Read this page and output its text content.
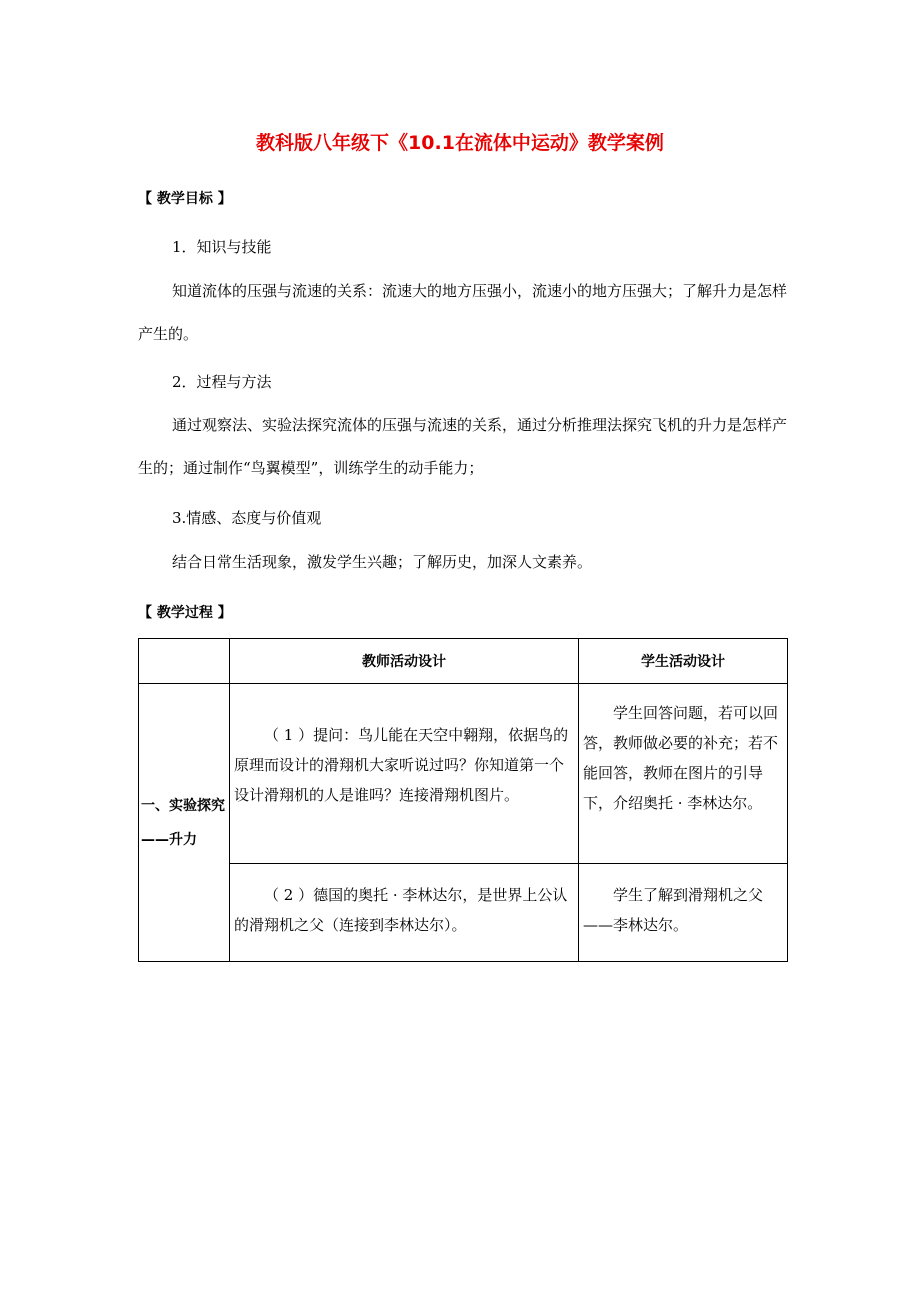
教科版八年级下《10.1在流体中运动》教学案例
【 教学目标 】
1．知识与技能
知道流体的压强与流速的关系：流速大的地方压强小，流速小的地方压强大；了解升力是怎样产生的。
2．过程与方法
通过观察法、实验法探究流体的压强与流速的关系，通过分析推理法探究飞机的升力是怎样产生的；通过制作“鸟翼模型”，训练学生的动手能力；
3.情感、态度与价值观
结合日常生活现象，激发学生兴趣；了解历史，加深人文素养。
【 教学过程 】
	教师活动设计	学生活动设计
一、实验探究——升力	（ 1 ）提问：鸟儿能在天空中翱翔，依据鸟的原理而设计的滑翔机大家听说过吗？你知道第一个设计滑翔机的人是谁吗？连接滑翔机图片。	学生回答问题，若可以回答，教师做必要的补充；若不能回答，教师在图片的引导下，介绍奥托 · 李林达尔。

	（ 2 ）德国的奥托 · 李林达尔，是世界上公认的滑翔机之父（连接到李林达尔）。	学生了解到滑翔机之父——李林达尔。
